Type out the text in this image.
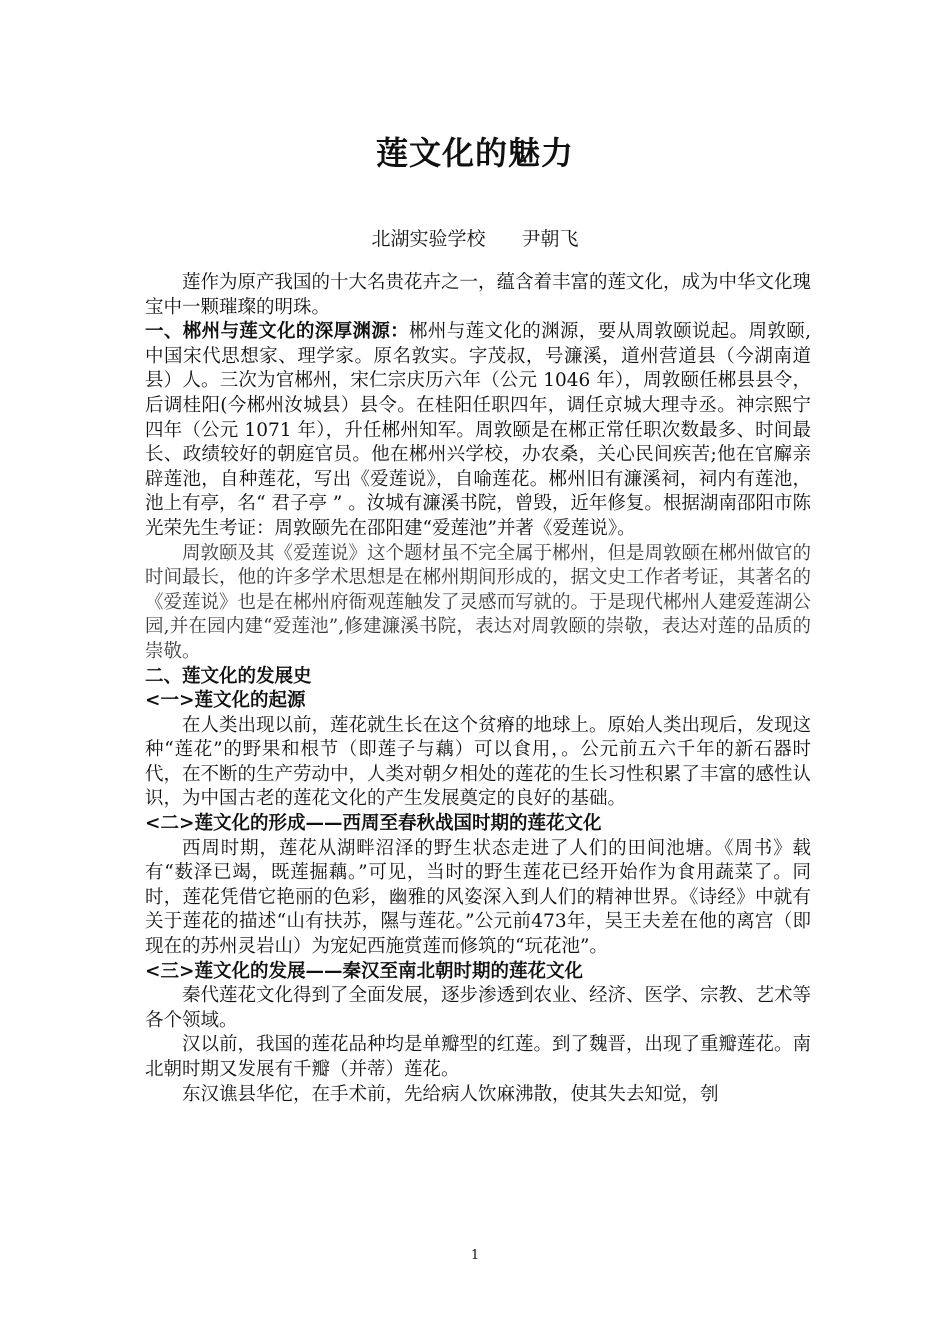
莲文化的魅力
北湖实验学校 尹朝飞

莲作为原产我国的十大名贵花卉之一，蕴含着丰富的莲文化，成为中华文化瑰宝中一颗璀璨的明珠。

一、郴州与莲文化的深厚渊源：郴州与莲文化的渊源，要从周敦颐说起。周敦颐,中国宋代思想家、理学家。原名敦实。字茂叔，号濂溪，道州营道县（今湖南道县）人。三次为官郴州，宋仁宗庆历六年（公元 1046 年），周敦颐任郴县县令，后调桂阳(今郴州汝城县）县令。在桂阳任职四年，调任京城大理寺丞。神宗熙宁四年（公元 1071 年），升任郴州知军。周敦颐是在郴正常任职次数最多、时间最长、政绩较好的朝庭官员。他在郴州兴学校，办农桑，关心民间疾苦;他在官廨亲辟莲池，自种莲花，写出《爱莲说》，自喻莲花。郴州旧有濂溪祠，祠内有莲池，池上有亭，名“ 君子亭 ” 。汝城有濂溪书院，曾毁，近年修复。根据湖南邵阳市陈光荣先生考证：周敦颐先在邵阳建“爱莲池”并著《爱莲说》。

周敦颐及其《爱莲说》这个题材虽不完全属于郴州，但是周敦颐在郴州做官的时间最长，他的许多学术思想是在郴州期间形成的，据文史工作者考证，其著名的《爱莲说》也是在郴州府衙观莲触发了灵感而写就的。于是现代郴州人建爱莲湖公园,并在园内建“爱莲池”,修建濂溪书院，表达对周敦颐的崇敬，表达对莲的品质的崇敬。

二、莲文化的发展史

<一>莲文化的起源

在人类出现以前，莲花就生长在这个贫瘠的地球上。原始人类出现后，发现这种“莲花”的野果和根节（即莲子与藕）可以食用，。公元前五六千年的新石器时代，在不断的生产劳动中，人类对朝夕相处的莲花的生长习性积累了丰富的感性认识，为中国古老的莲花文化的产生发展奠定的良好的基础。

<二>莲文化的形成——西周至春秋战国时期的莲花文化

西周时期，莲花从湖畔沼泽的野生状态走进了人们的田间池塘。《周书》载有“薮泽已竭，既莲掘藕。”可见，当时的野生莲花已经开始作为食用蔬菜了。同时，莲花凭借它艳丽的色彩，幽雅的风姿深入到人们的精神世界。《诗经》中就有关于莲花的描述“山有扶苏，隰与莲花。”公元前473年，吴王夫差在他的离宫（即现在的苏州灵岩山）为宠妃西施赏莲而修筑的“玩花池”。

<三>莲文化的发展——秦汉至南北朝时期的莲花文化

秦代莲花文化得到了全面发展，逐步渗透到农业、经济、医学、宗教、艺术等各个领域。

汉以前，我国的莲花品种均是单瓣型的红莲。到了魏晋，出现了重瓣莲花。南北朝时期又发展有千瓣（并蒂）莲花。

东汉谯县华佗，在手术前，先给病人饮麻沸散，使其失去知觉，刳

1
